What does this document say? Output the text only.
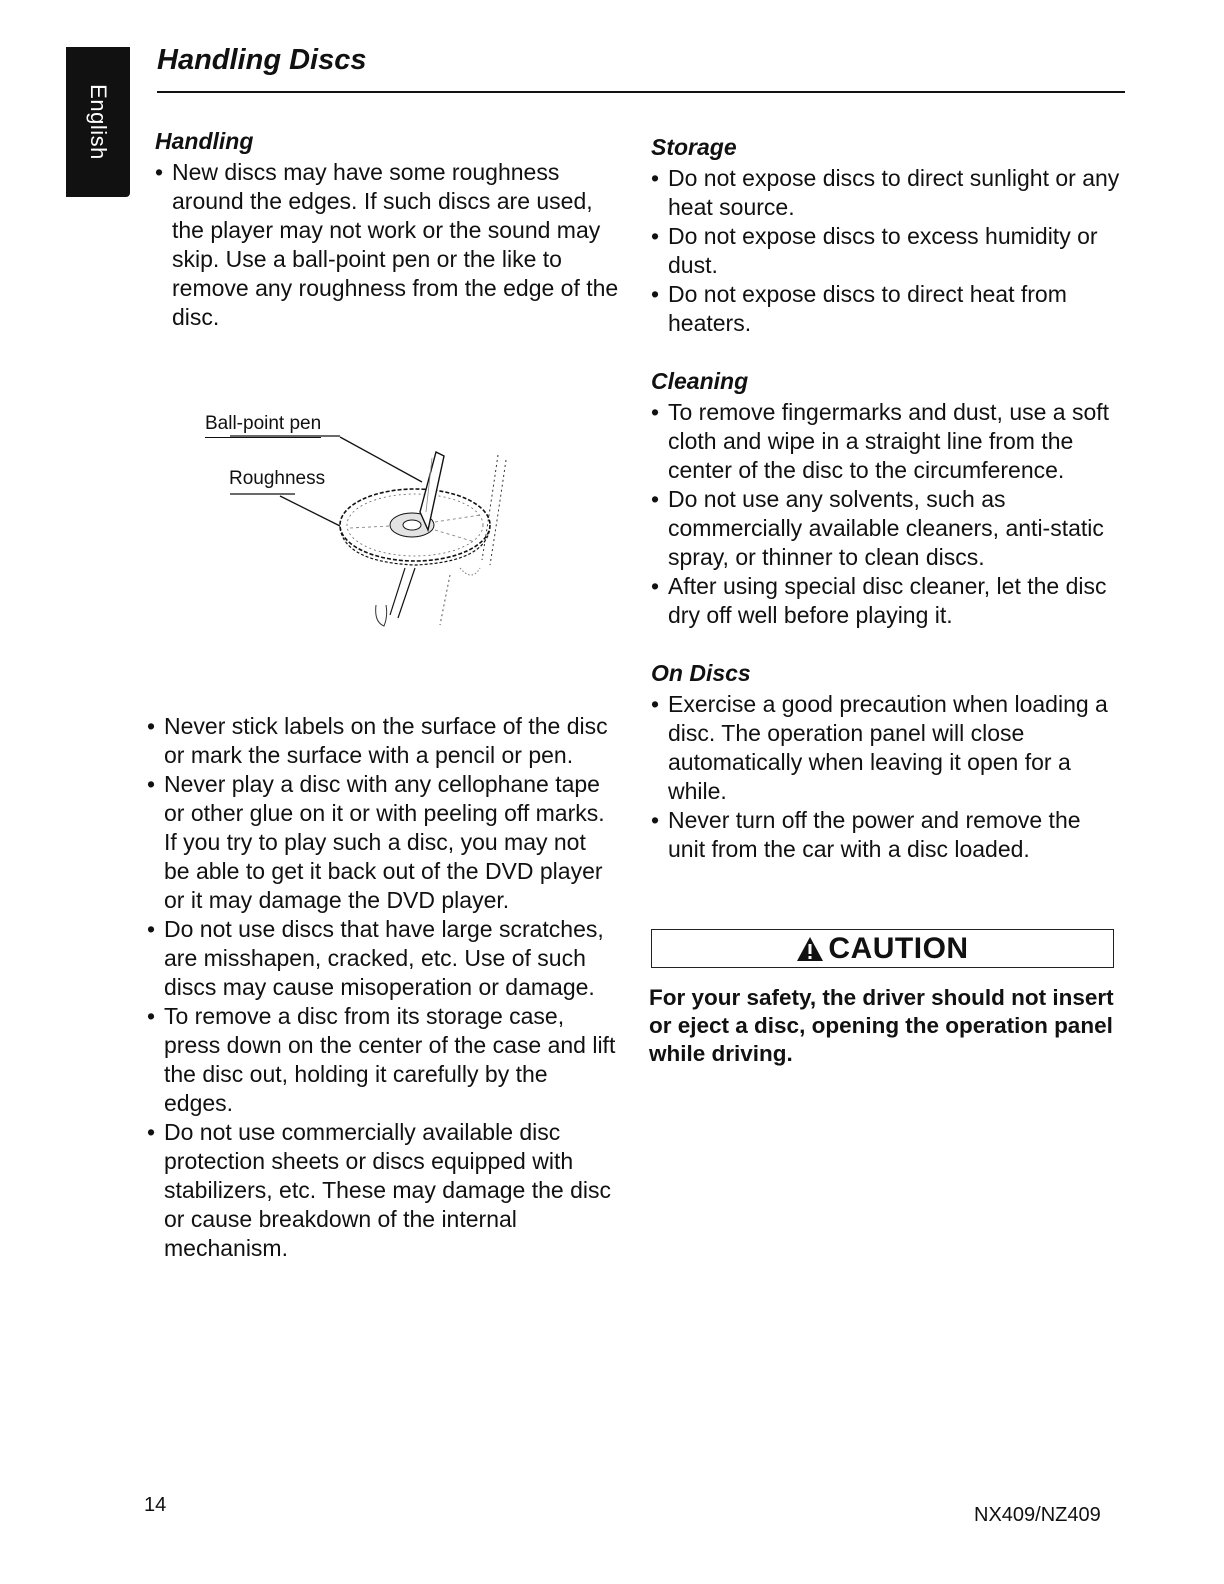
English
Handling Discs
Handling
• New discs may have some roughness around the edges. If such discs are used, the player may not work or the sound may skip. Use a ball-point pen or the like to remove any roughness from the edge of the disc.
Ball-point pen
Roughness
• Never stick labels on the surface of the disc or mark the surface with a pencil or pen.
• Never play a disc with any cellophane tape or other glue on it or with peeling off marks. If you try to play such a disc, you may not be able to get it back out of the DVD player or it may damage the DVD player.
• Do not use discs that have large scratches, are misshapen, cracked, etc. Use of such discs may cause misoperation or damage.
• To remove a disc from its storage case, press down on the center of the case and lift the disc out, holding it carefully by the edges.
• Do not use commercially available disc protection sheets or discs equipped with stabilizers, etc. These may damage the disc or cause breakdown of the internal mechanism.
Storage
• Do not expose discs to direct sunlight or any heat source.
• Do not expose discs to excess humidity or dust.
• Do not expose discs to direct heat from heaters.
Cleaning
• To remove fingermarks and dust, use a soft cloth and wipe in a straight line from the center of the disc to the circumference.
• Do not use any solvents, such as commercially available cleaners, anti-static spray, or thinner to clean discs.
• After using special disc cleaner, let the disc dry off well before playing it.
On Discs
• Exercise a good precaution when loading a disc. The operation panel will close automatically when leaving it open for a while.
• Never turn off the power and remove the unit from the car with a disc loaded.
CAUTION

For your safety, the driver should not insert or eject a disc, opening the operation panel while driving.

14	NX409/NZ409
